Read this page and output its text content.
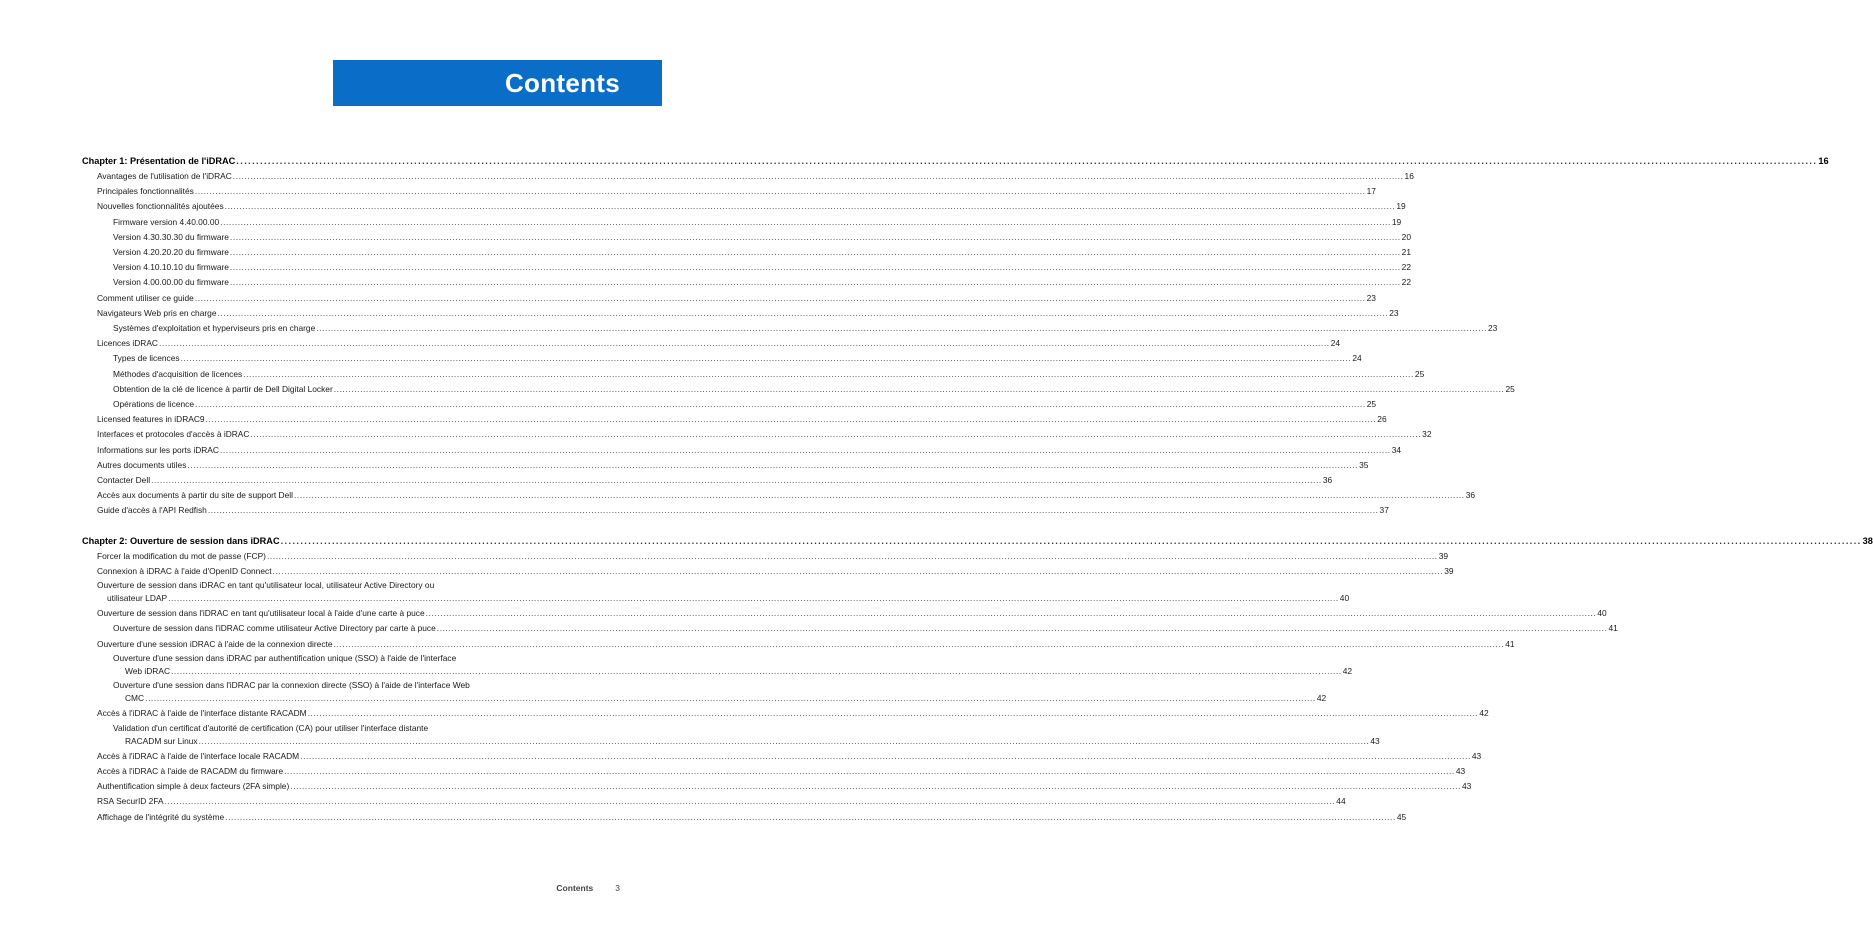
Contents
Chapter 1: Présentation de l'iDRAC ................................................................................................................................................................................................................................................................................................................................................................................................................ 16
Avantages de l'utilisation de l'iDRAC ................................................................................................................................................................................................................................................................................................................................................................................................................ 16
Principales fonctionnalités ................................................................................................................................................................................................................................................................................................................................................................................................................ 17
Nouvelles fonctionnalités ajoutées ................................................................................................................................................................................................................................................................................................................................................................................................................ 19
Firmware version 4.40.00.00 ................................................................................................................................................................................................................................................................................................................................................................................................................ 19
Version 4.30.30.30 du firmware ................................................................................................................................................................................................................................................................................................................................................................................................................ 20
Version 4.20.20.20 du firmware ................................................................................................................................................................................................................................................................................................................................................................................................................ 21
Version 4.10.10.10 du firmware ................................................................................................................................................................................................................................................................................................................................................................................................................ 22
Version 4.00.00.00 du firmware ................................................................................................................................................................................................................................................................................................................................................................................................................ 22
Comment utiliser ce guide ................................................................................................................................................................................................................................................................................................................................................................................................................ 23
Navigateurs Web pris en charge ................................................................................................................................................................................................................................................................................................................................................................................................................ 23
Systèmes d'exploitation et hyperviseurs pris en charge ................................................................................................................................................................................................................................................................................................................................................................................................................ 23
Licences iDRAC ................................................................................................................................................................................................................................................................................................................................................................................................................ 24
Types de licences ................................................................................................................................................................................................................................................................................................................................................................................................................ 24
Méthodes d'acquisition de licences ................................................................................................................................................................................................................................................................................................................................................................................................................ 25
Obtention de la clé de licence à partir de Dell Digital Locker ................................................................................................................................................................................................................................................................................................................................................................................................................ 25
Opérations de licence ................................................................................................................................................................................................................................................................................................................................................................................................................ 25
Licensed features in iDRAC9 ................................................................................................................................................................................................................................................................................................................................................................................................................ 26
Interfaces et protocoles d'accès à iDRAC ................................................................................................................................................................................................................................................................................................................................................................................................................ 32
Informations sur les ports iDRAC ................................................................................................................................................................................................................................................................................................................................................................................................................ 34
Autres documents utiles ................................................................................................................................................................................................................................................................................................................................................................................................................ 35
Contacter Dell ................................................................................................................................................................................................................................................................................................................................................................................................................ 36
Accès aux documents à partir du site de support Dell ................................................................................................................................................................................................................................................................................................................................................................................................................ 36
Guide d'accès à l'API Redfish ................................................................................................................................................................................................................................................................................................................................................................................................................ 37
Chapter 2: Ouverture de session dans iDRAC ................................................................................................................................................................................................................................................................................................................................................................................................................ 38
Forcer la modification du mot de passe (FCP) ................................................................................................................................................................................................................................................................................................................................................................................................................ 39
Connexion à iDRAC à l'aide d'OpenID Connect ................................................................................................................................................................................................................................................................................................................................................................................................................ 39
Ouverture de session dans iDRAC en tant qu'utilisateur local, utilisateur Active Directory ou
utilisateur LDAP ................................................................................................................................................................................................................................................................................................................................................................................................................ 40
Ouverture de session dans l'iDRAC en tant qu'utilisateur local à l'aide d'une carte à puce ................................................................................................................................................................................................................................................................................................................................................................................................................ 40
Ouverture de session dans l'iDRAC comme utilisateur Active Directory par carte à puce ................................................................................................................................................................................................................................................................................................................................................................................................................ 41
Ouverture d'une session iDRAC à l'aide de la connexion directe ................................................................................................................................................................................................................................................................................................................................................................................................................ 41
Ouverture d'une session dans iDRAC par authentification unique (SSO) à l'aide de l'interface
Web iDRAC ................................................................................................................................................................................................................................................................................................................................................................................................................ 42
Ouverture d'une session dans l'iDRAC par la connexion directe (SSO) à l'aide de l'interface Web
CMC ................................................................................................................................................................................................................................................................................................................................................................................................................ 42
Accès à l'iDRAC à l'aide de l'interface distante RACADM ................................................................................................................................................................................................................................................................................................................................................................................................................ 42
Validation d'un certificat d'autorité de certification (CA) pour utiliser l'interface distante
RACADM sur Linux ................................................................................................................................................................................................................................................................................................................................................................................................................ 43
Accès à l'iDRAC à l'aide de l'interface locale RACADM ................................................................................................................................................................................................................................................................................................................................................................................................................ 43
Accès à l'iDRAC à l'aide de RACADM du firmware ................................................................................................................................................................................................................................................................................................................................................................................................................ 43
Authentification simple à deux facteurs (2FA simple) ................................................................................................................................................................................................................................................................................................................................................................................................................ 43
RSA SecurID 2FA ................................................................................................................................................................................................................................................................................................................................................................................................................ 44
Affichage de l'intégrité du système ................................................................................................................................................................................................................................................................................................................................................................................................................ 45
Contents	3
